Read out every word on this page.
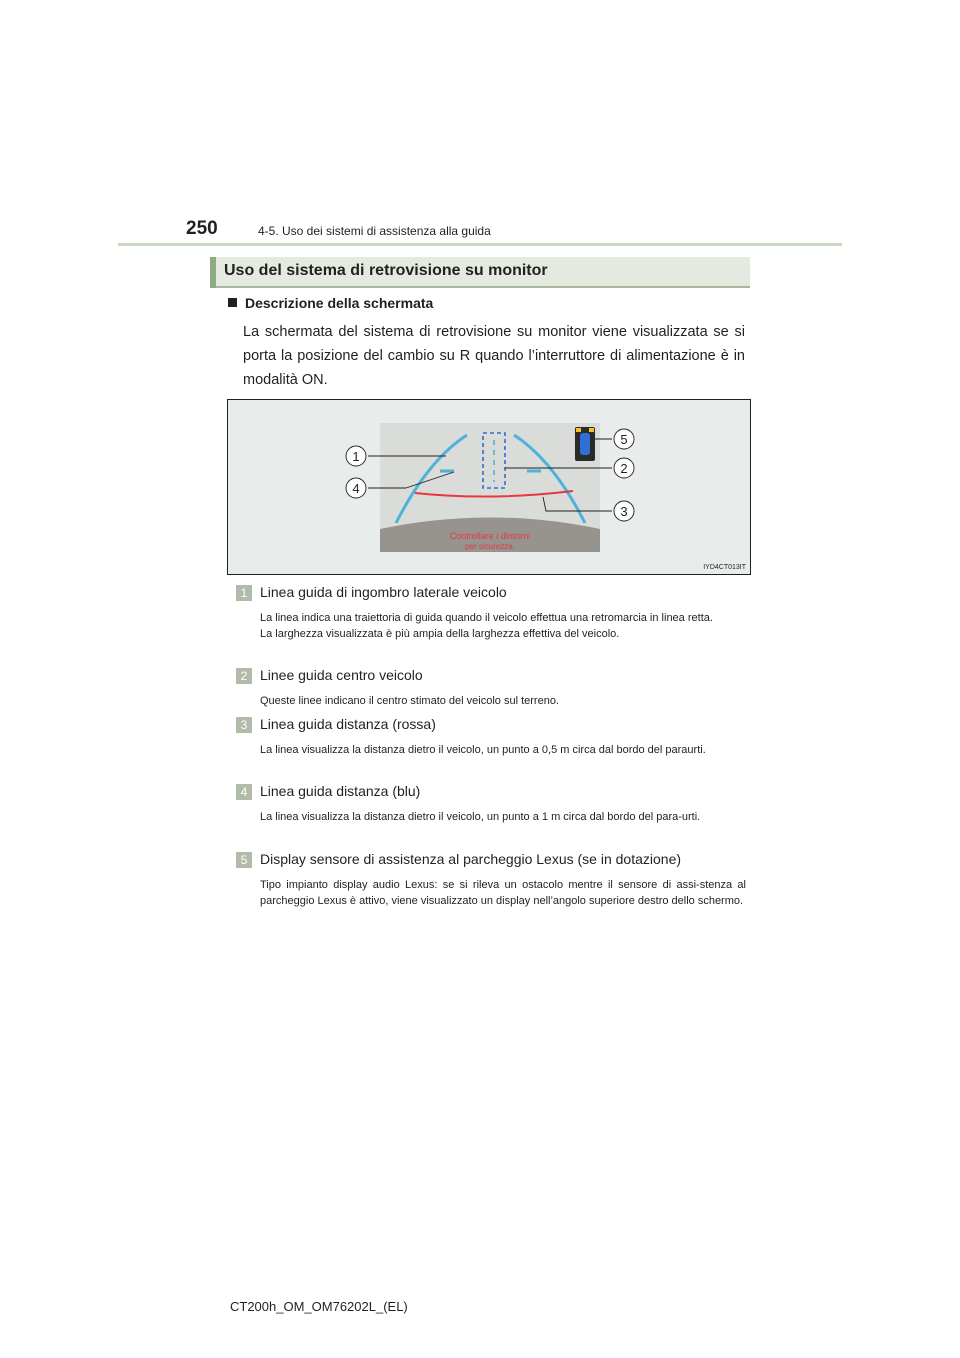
250	4-5. Uso dei sistemi di assistenza alla guida
Uso del sistema di retrovisione su monitor
Descrizione della schermata
La schermata del sistema di retrovisione su monitor viene visualizzata se si porta la posizione del cambio su R quando l’interruttore di alimentazione è in modalità ON.
Controllare i dintorni
per sicurezza.
1
4
5
2
3
IYD4CT013IT
1 Linea guida di ingombro laterale veicolo
La linea indica una traiettoria di guida quando il veicolo effettua una retromarcia in linea retta.
La larghezza visualizzata è più ampia della larghezza effettiva del veicolo.
2 Linee guida centro veicolo
Queste linee indicano il centro stimato del veicolo sul terreno.
3 Linea guida distanza (rossa)
La linea visualizza la distanza dietro il veicolo, un punto a 0,5 m circa dal bordo del paraurti.
4 Linea guida distanza (blu)
La linea visualizza la distanza dietro il veicolo, un punto a 1 m circa dal bordo del para-urti.
5 Display sensore di assistenza al parcheggio Lexus (se in dotazione)
Tipo impianto display audio Lexus: se si rileva un ostacolo mentre il sensore di assi-stenza al parcheggio Lexus è attivo, viene visualizzato un display nell’angolo superiore destro dello schermo.
CT200h_OM_OM76202L_(EL)
